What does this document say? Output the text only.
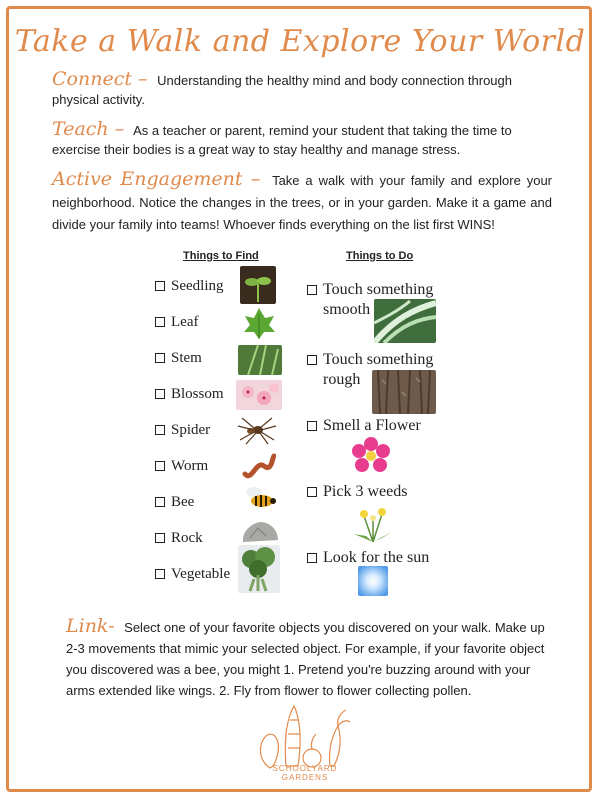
Take a Walk and Explore Your World
Connect – Understanding the healthy mind and body connection through physical activity.
Teach – As a teacher or parent, remind your student that taking the time to exercise their bodies is a great way to stay healthy and manage stress.
Active Engagement – Take a walk with your family and explore your neighborhood. Notice the changes in the trees, or in your garden. Make it a game and divide your family into teams! Whoever finds everything on the list first WINS!
Things to Find	Things to Do
Seedling
Leaf
Stem
Blossom
Spider
Worm
Bee
Rock
Vegetable
Touch something
smooth
Touch something
rough
Smell a Flower
Pick 3 weeds
Look for the sun
Link- Select one of your favorite objects you discovered on your walk. Make up 2-3 movements that mimic your selected object. For example, if your favorite object you discovered was a bee, you might 1. Pretend you're buzzing around with your arms extended like wings. 2. Fly from flower to flower collecting pollen.
SCHOOLYARD GARDENS
